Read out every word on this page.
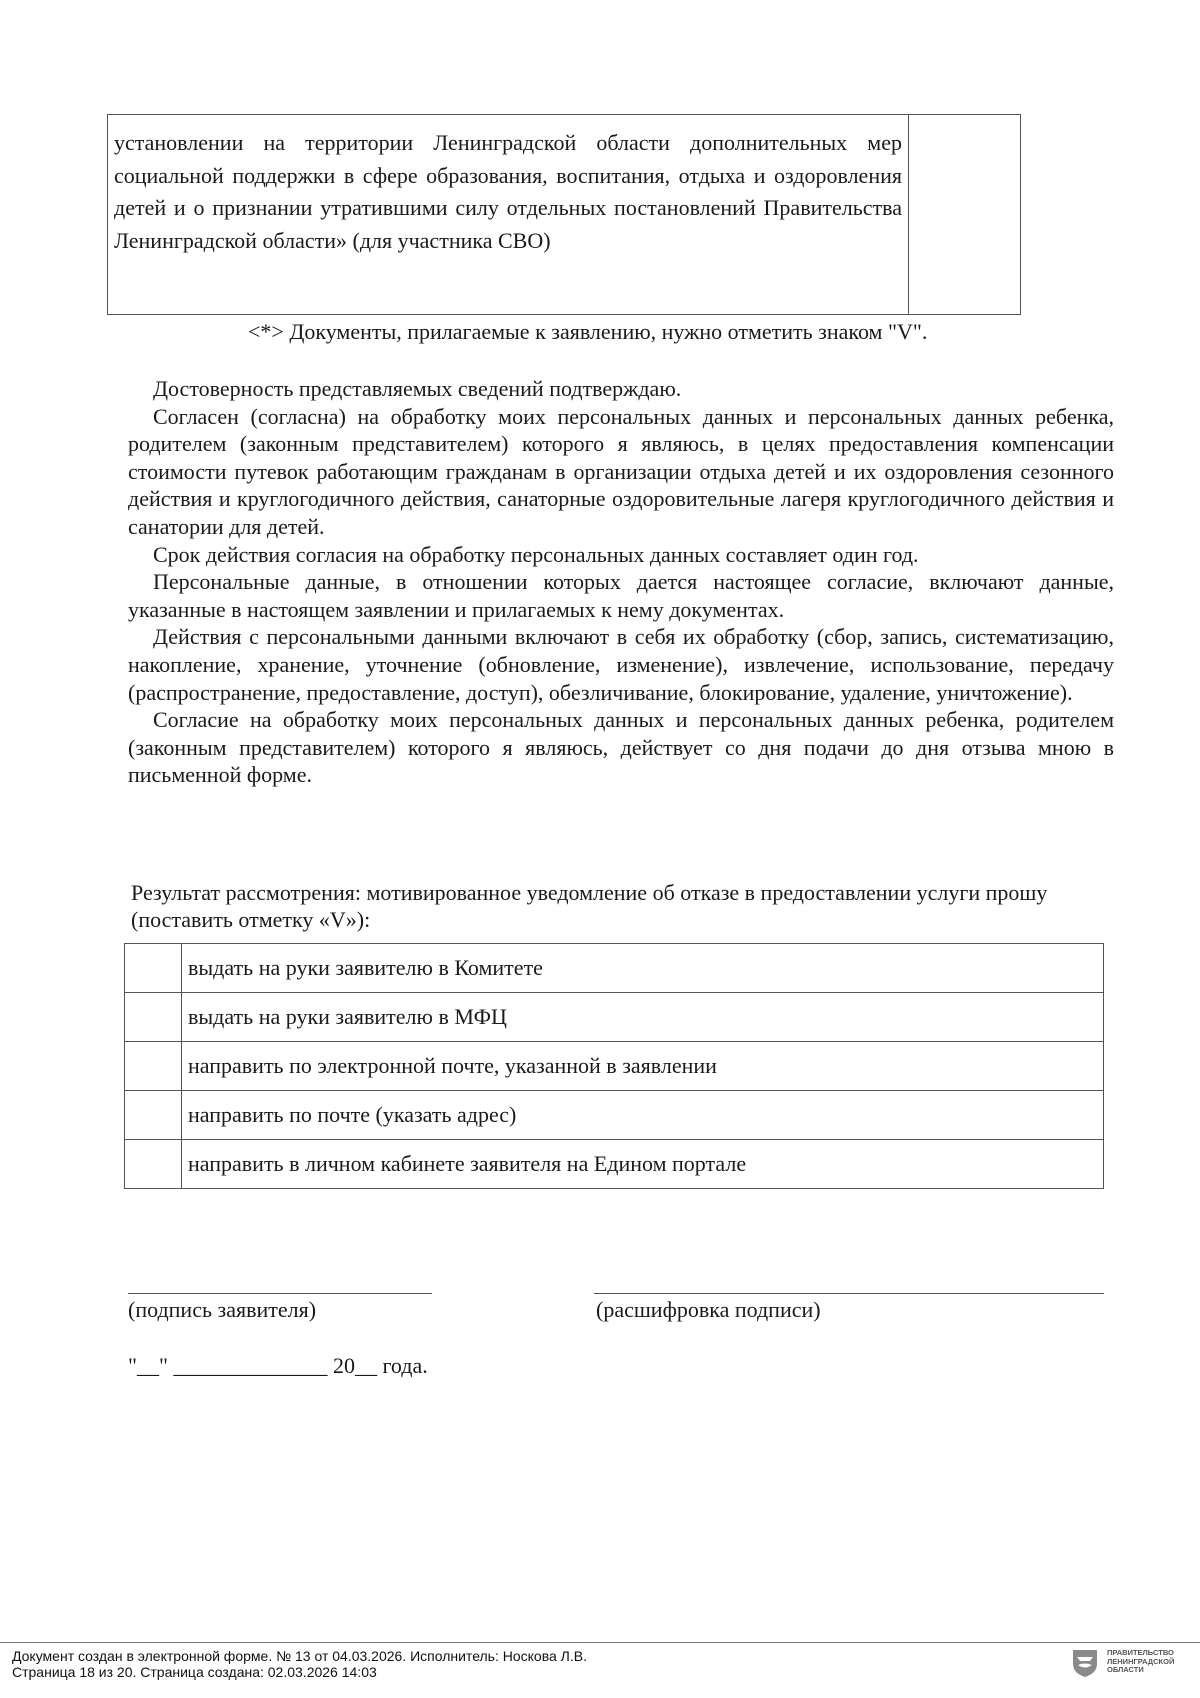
установлении на территории Ленинградской области дополнительных мер социальной поддержки в сфере образования, воспитания, отдыха и оздоровления детей и о признании утратившими силу отдельных постановлений Правительства Ленинградской области» (для участника СВО)
<*> Документы, прилагаемые к заявлению, нужно отметить знаком "V".

Достоверность представляемых сведений подтверждаю.

Согласен (согласна) на обработку моих персональных данных и персональных данных ребенка, родителем (законным представителем) которого я являюсь, в целях предоставления компенсации стоимости путевок работающим гражданам в организации отдыха детей и их оздоровления сезонного действия и круглогодичного действия, санаторные оздоровительные лагеря круглогодичного действия и санатории для детей.

Срок действия согласия на обработку персональных данных составляет один год.

Персональные данные, в отношении которых дается настоящее согласие, включают данные, указанные в настоящем заявлении и прилагаемых к нему документах.

Действия с персональными данными включают в себя их обработку (сбор, запись, систематизацию, накопление, хранение, уточнение (обновление, изменение), извлечение, использование, передачу (распространение, предоставление, доступ), обезличивание, блокирование, удаление, уничтожение).

Согласие на обработку моих персональных данных и персональных данных ребенка, родителем (законным представителем) которого я являюсь, действует со дня подачи до дня отзыва мною в письменной форме.

Результат рассмотрения: мотивированное уведомление об отказе в предоставлении услуги прошу (поставить отметку «V»):
	выдать на руки заявителю в Комитете
	выдать на руки заявителю в МФЦ
	направить по электронной почте, указанной в заявлении
	направить по почте (указать адрес)
	направить в личном кабинете заявителя на Едином портале
(подпись заявителя)	(расшифровка подписи)
"__" ______________ 20__ года.
Документ создан в электронной форме. № 13 от 04.03.2026. Исполнитель: Носкова Л.В.
Страница 18 из 20. Страница создана: 02.03.2026 14:03
ПРАВИТЕЛЬСТВО ЛЕНИНГРАДСКОЙ ОБЛАСТИ
